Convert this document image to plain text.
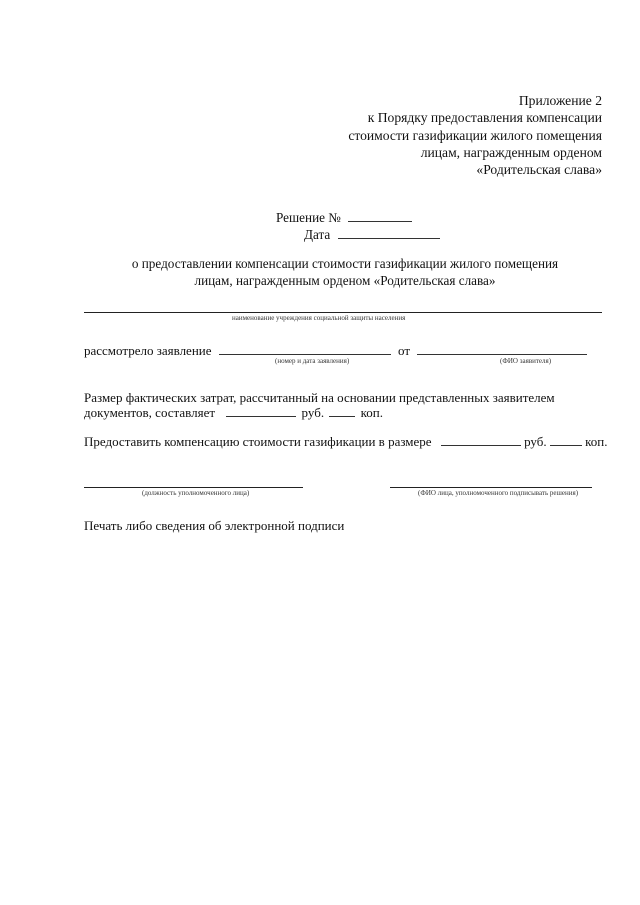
Приложение 2
к Порядку предоставления компенсации
стоимости газификации жилого помещения
лицам, награжденным орденом
«Родительская слава»
Решение №
Дата
о предоставлении компенсации стоимости газификации жилого помещения
лицам, награжденным орденом «Родительская слава»
наименование учреждения социальной защиты населения
рассмотрело заявление	от
(номер и дата заявления)	(ФИО заявителя)
Размер фактических затрат, рассчитанный на основании представленных заявителем
документов, составляет	руб.	коп.
Предоставить компенсацию стоимости газификации в размере	руб.	коп.
(должность уполномоченного лица)	(ФИО лица, уполномоченного подписывать решения)
Печать либо сведения об электронной подписи
